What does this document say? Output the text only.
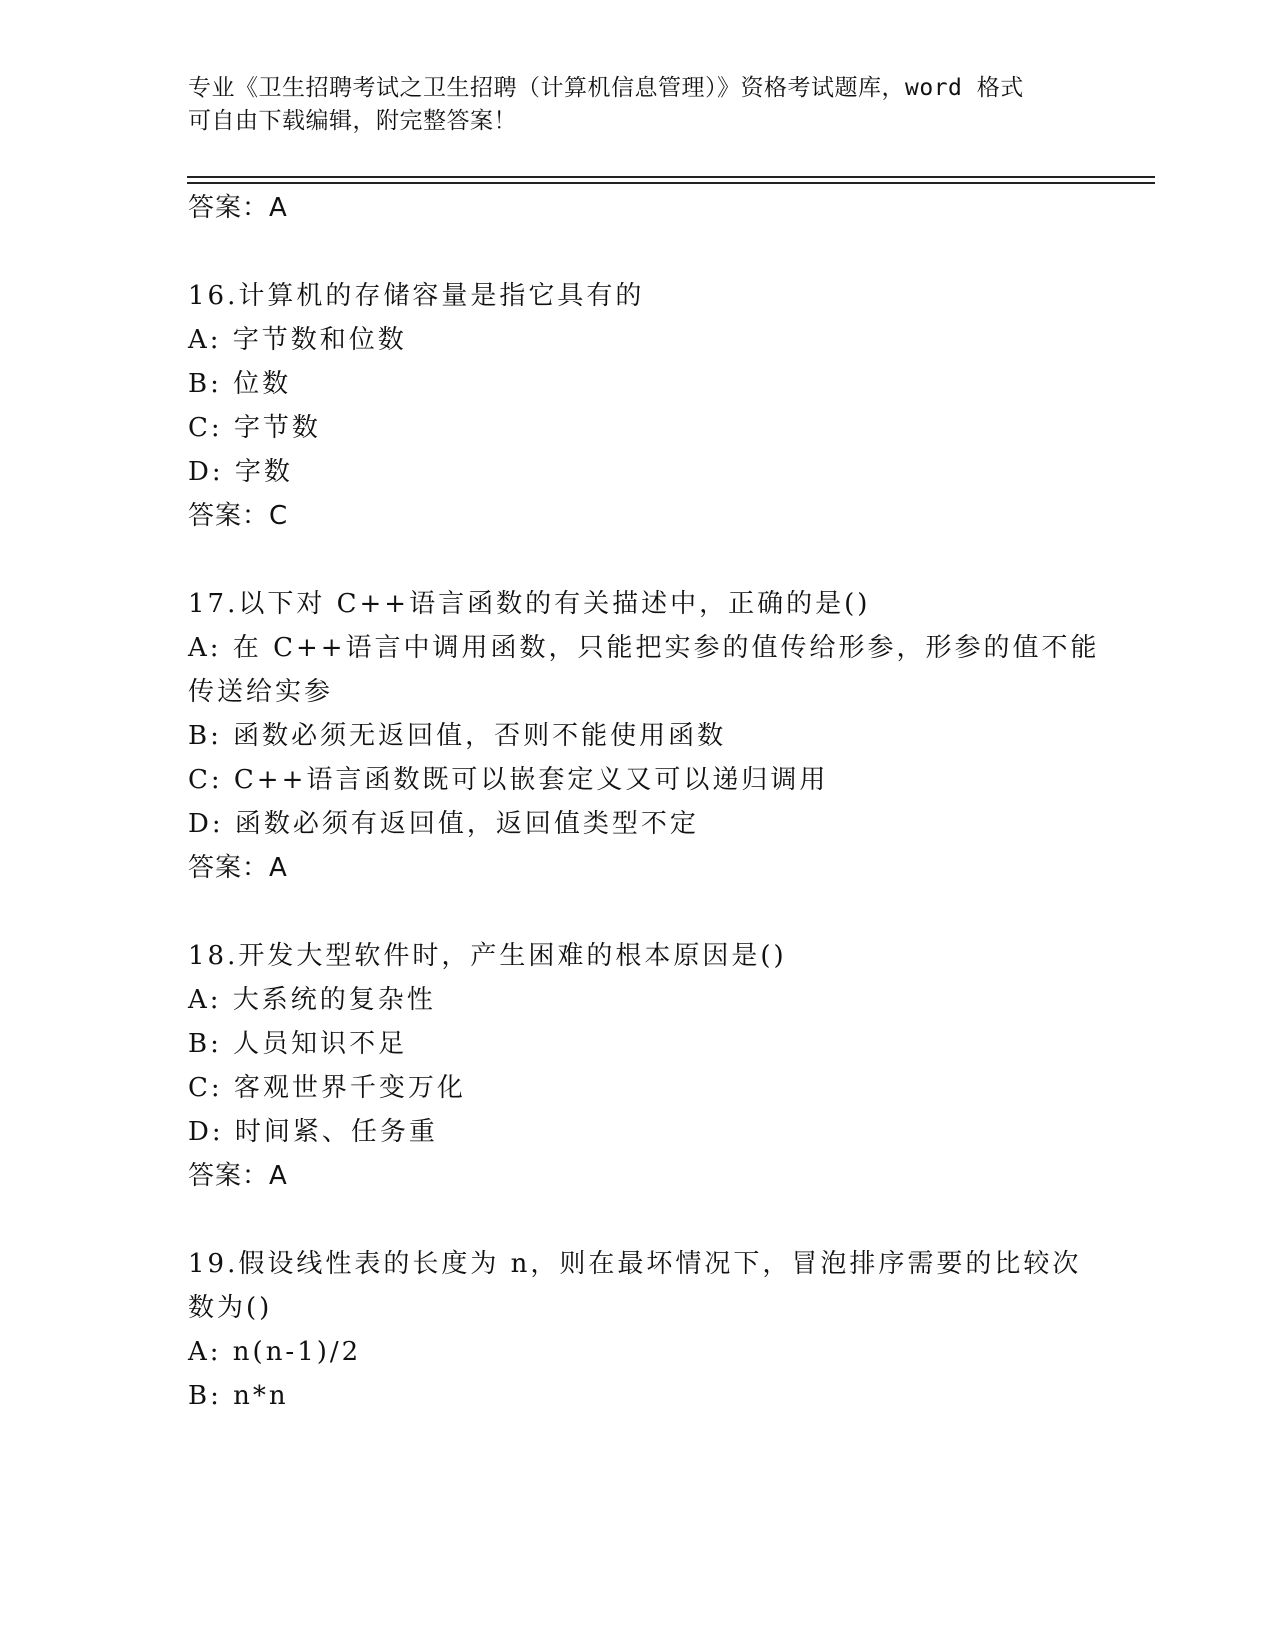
专业《卫生招聘考试之卫生招聘（计算机信息管理）》资格考试题库，word 格式
可自由下载编辑，附完整答案！
答案：A
16.计算机的存储容量是指它具有的
A: 字节数和位数
B: 位数
C: 字节数
D: 字数
答案：C
17.以下对 C++语言函数的有关描述中，正确的是()
A: 在 C++语言中调用函数，只能把实参的值传给形参，形参的值不能
传送给实参
B: 函数必须无返回值，否则不能使用函数
C: C++语言函数既可以嵌套定义又可以递归调用
D: 函数必须有返回值，返回值类型不定
答案：A
18.开发大型软件时，产生困难的根本原因是()
A: 大系统的复杂性
B: 人员知识不足
C: 客观世界千变万化
D: 时间紧、任务重
答案：A
19.假设线性表的长度为 n，则在最坏情况下，冒泡排序需要的比较次
数为()
A: n(n-1)/2
B: n*n
